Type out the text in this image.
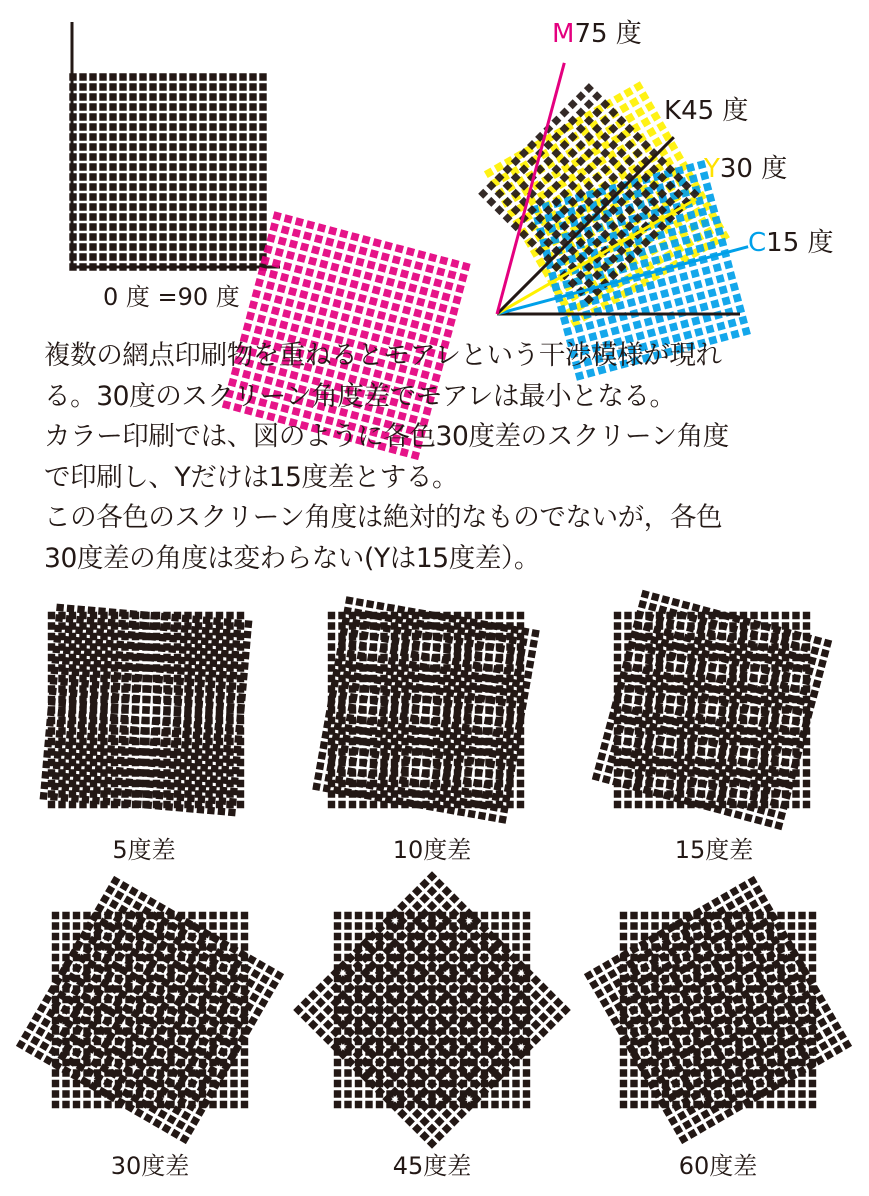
0 度 =90 度
M75 度
K45 度
Y30 度
C15 度
5度差	10度差	15度差
30度差	45度差	60度差

複数の網点印刷物を重ねるとモアレという干渉模様が現れ

る。30度のスクリーン角度差でモアレは最小となる。

カラー印刷では、図のように各色30度差のスクリーン角度

で印刷し、Yだけは15度差とする。

この各色のスクリーン角度は絶対的なものでないが，各色

30度差の角度は変わらない(Yは15度差）。
